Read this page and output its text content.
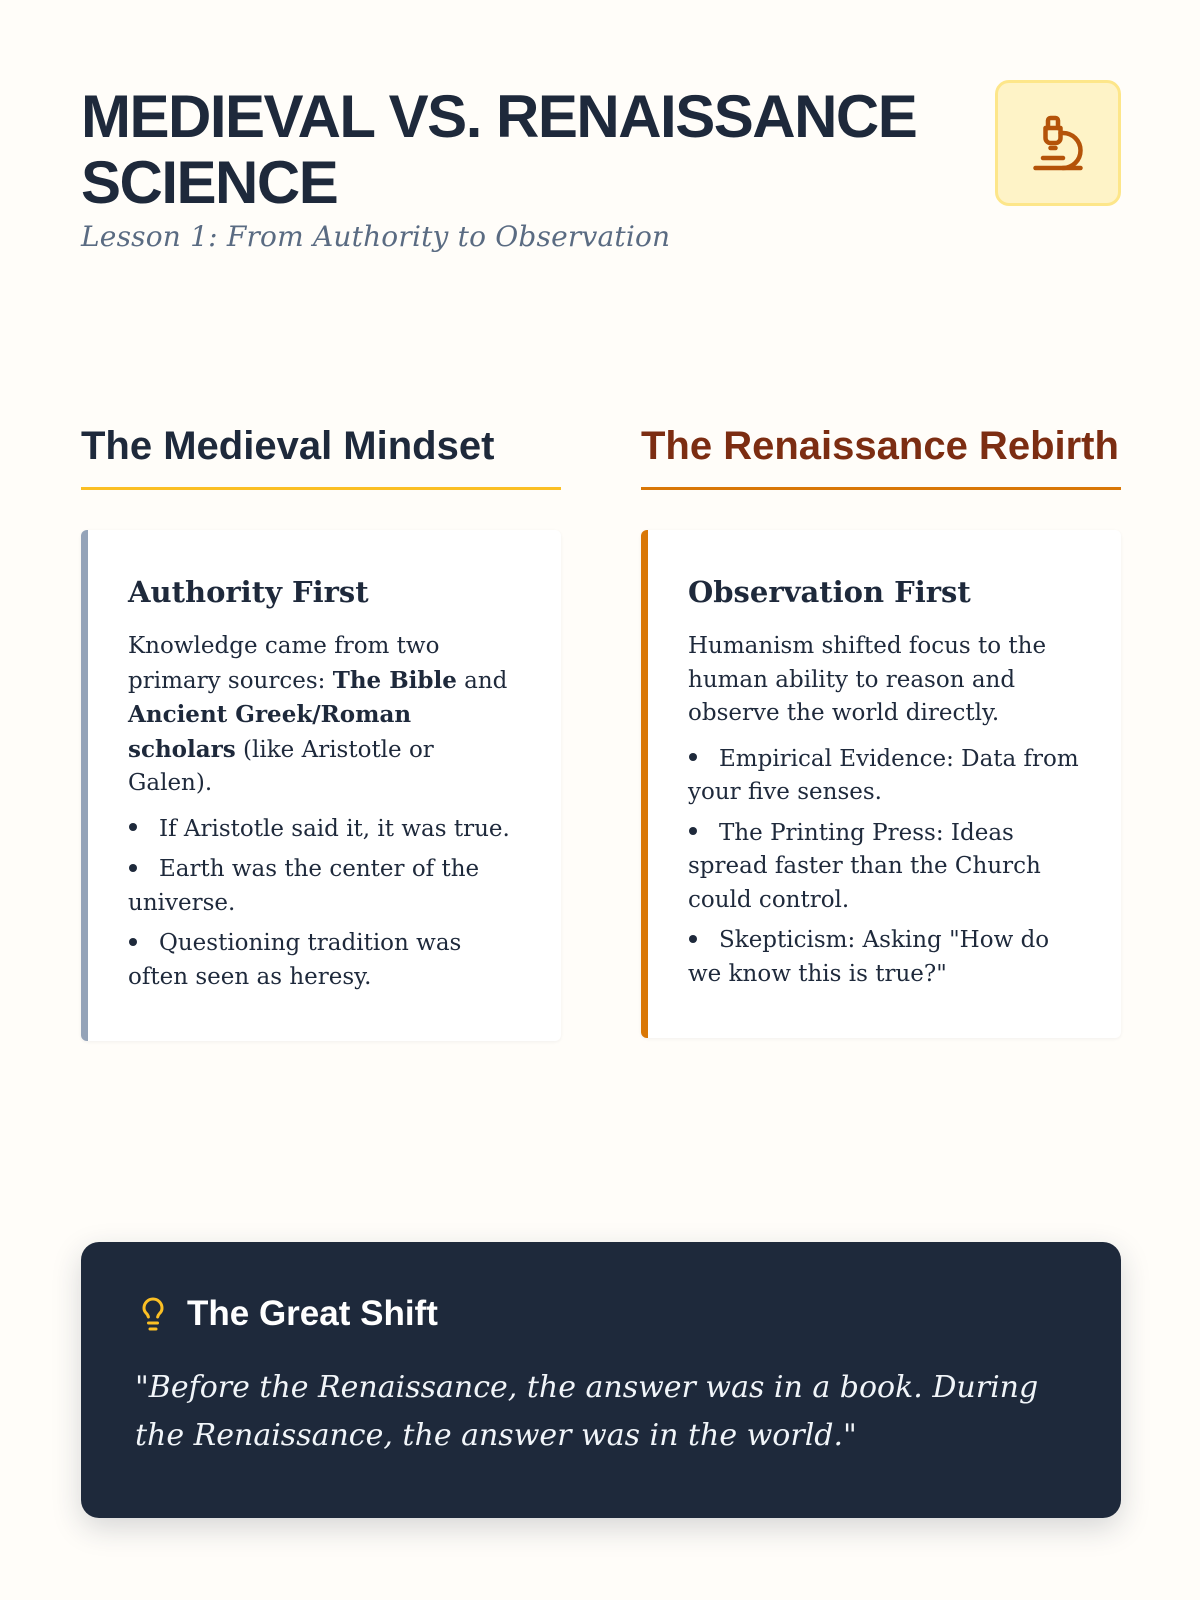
MEDIEVAL VS. RENAISSANCE SCIENCE
Lesson 1: From Authority to Observation
The Medieval Mindset
Authority First

Knowledge came from two primary sources: The Bible and Ancient Greek/Roman scholars (like Aristotle or Galen).

If Aristotle said it, it was true.
Earth was the center of the universe.
Questioning tradition was often seen as heresy.
The Renaissance Rebirth
Observation First

Humanism shifted focus to the human ability to reason and observe the world directly.

Empirical Evidence: Data from your five senses.
The Printing Press: Ideas spread faster than the Church could control.
Skepticism: Asking "How do we know this is true?"
The Great Shift

"Before the Renaissance, the answer was in a book. During the Renaissance, the answer was in the world."
